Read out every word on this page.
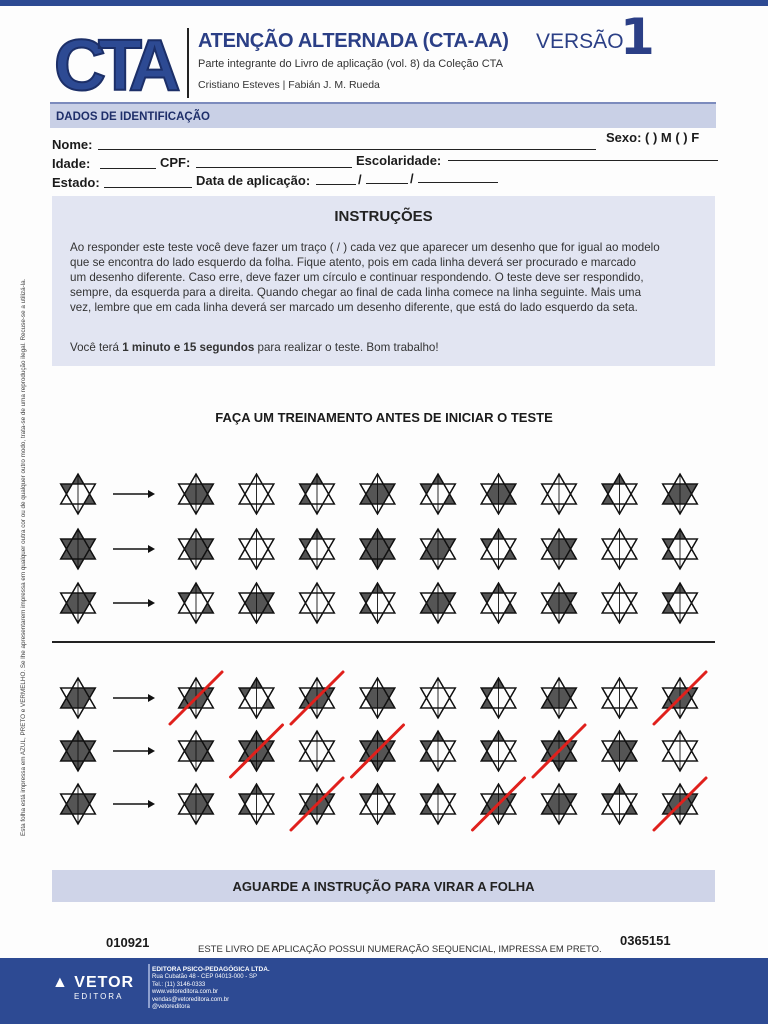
CTA	ATENÇÃO ALTERNADA (CTA-AA) VERSÃO
1
Parte integrante do Livro de aplicação (vol. 8) da Coleção CTA
Cristiano Esteves | Fabián J. M. Rueda
DADOS DE IDENTIFICAÇÃO
Nome:	Sexo: ( ) M ( ) F
Idade:	CPF:	Escolaridade:
Estado:	Data de aplicação:	/	/
INSTRUÇÕES

Ao responder este teste você deve fazer um traço ( / ) cada vez que aparecer um desenho que for igual ao modelo

que se encontra do lado esquerdo da folha. Fique atento, pois em cada linha deverá ser procurado e marcado

um desenho diferente. Caso erre, deve fazer um círculo e continuar respondendo. O teste deve ser respondido,

sempre, da esquerda para a direita. Quando chegar ao final de cada linha comece na linha seguinte. Mais uma

vez, lembre que em cada linha deverá ser marcado um desenho diferente, que está do lado esquerdo da seta.

Você terá 1 minuto e 15 segundos para realizar o teste. Bom trabalho!

Esta folha está impressa em AZUL, PRETO e VERMELHO. Se lhe apresentarem impressa em qualquer outra cor ou de qualquer outro modo, trata-se de uma reprodução ilegal. Recuse-se a utilizá-la.	FAÇA UM TREINAMENTO ANTES DE INICIAR O TESTE
AGUARDE A INSTRUÇÃO PARA VIRAR A FOLHA
010921	ESTE LIVRO DE APLICAÇÃO POSSUI NUMERAÇÃO SEQUENCIAL, IMPRESSA EM PRETO.
0365151
▲ VETOR
EDITORA
EDITORA PSICO-PEDAGÓGICA LTDA.
Rua Cubatão 48 - CEP 04013-000 - SP
Tel.: (11) 3146-0333
www.vetoreditora.com.br
vendas@vetoreditora.com.br
@vetoreditora
